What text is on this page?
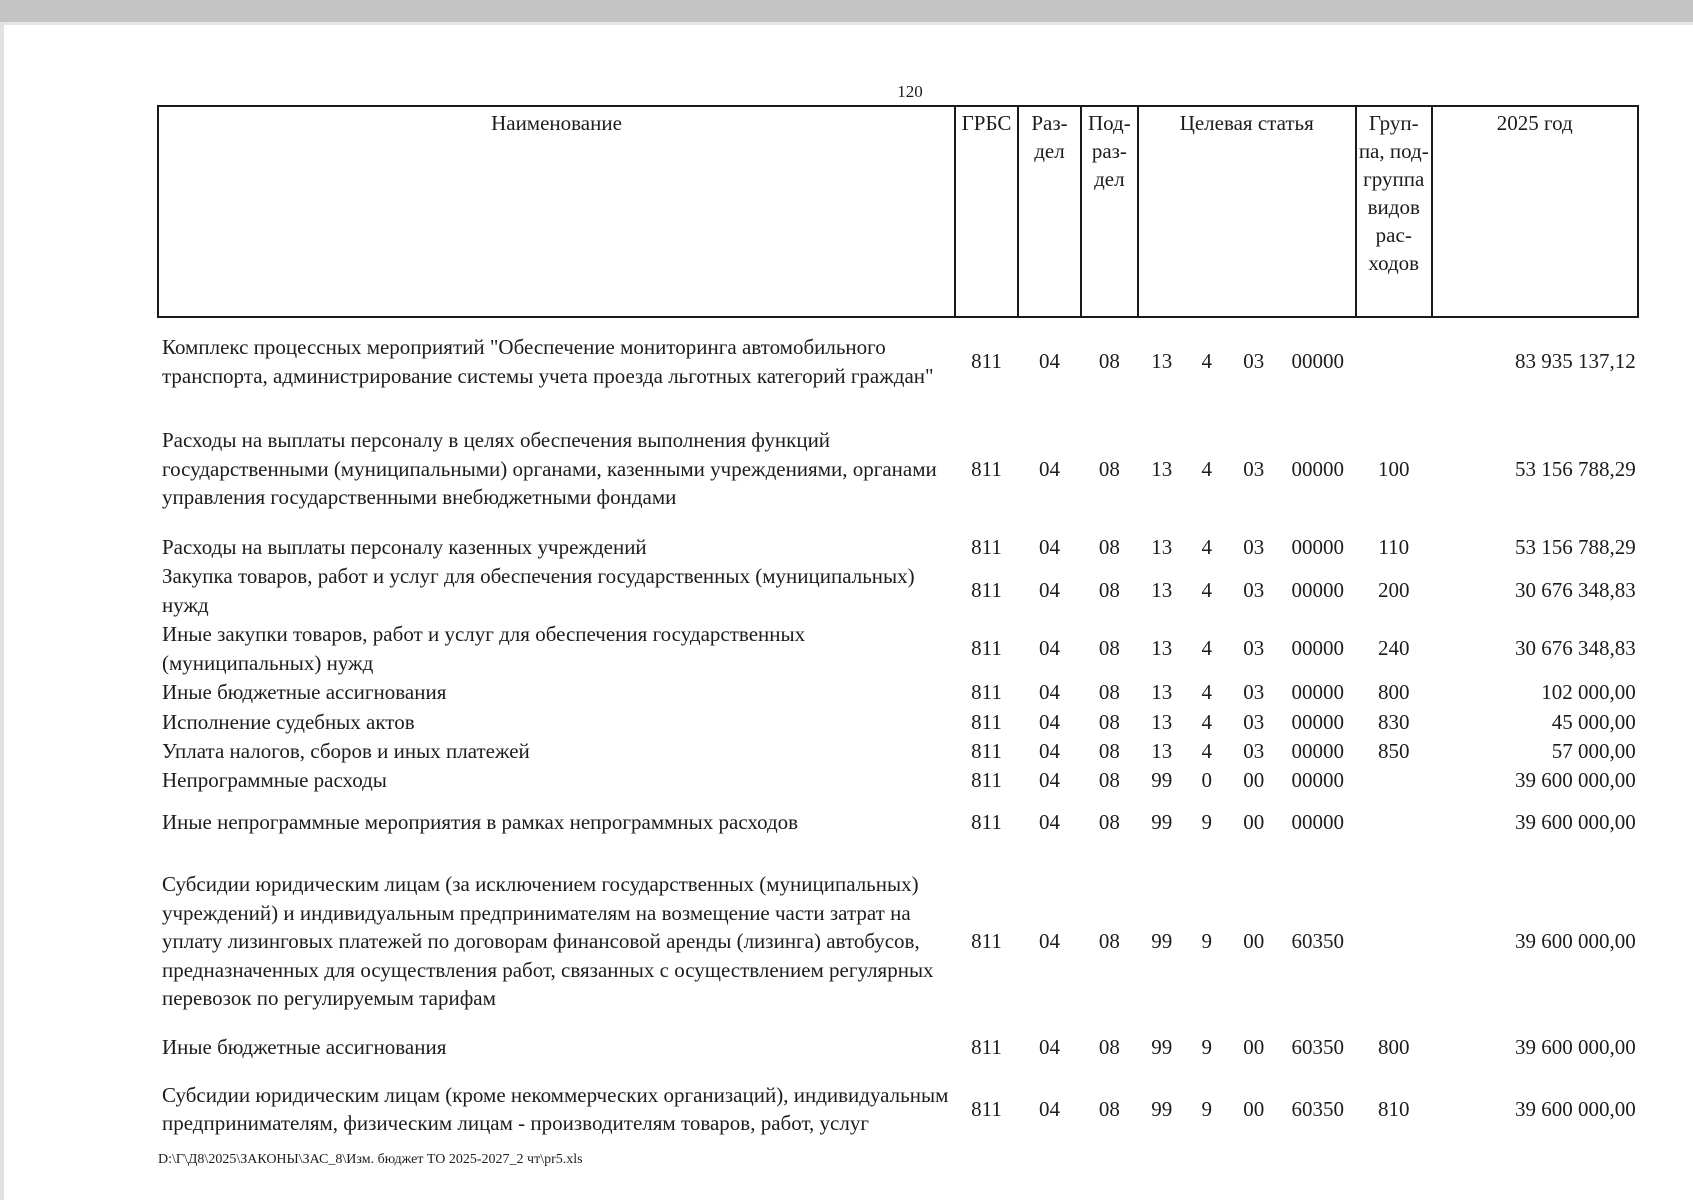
120
Наименование	ГРБС	Раз- дел	Под- раз- дел	Целевая статья				Груп- па, под- группа видов рас- ходов	2025 год
Комплекс процессных мероприятий "Обеспечение мониторинга автомобильного транспорта, администрирование системы учета проезда льготных категорий граждан"	811	04	08	13	4	03	00000		83 935 137,12

Расходы на выплаты персоналу в целях обеспечения выполнения функций государственными (муниципальными) органами, казенными учреждениями, органами управления государственными внебюджетными фондами	811	04	08	13	4	03	00000	100	53 156 788,29

Расходы на выплаты персоналу казенных учреждений	811	04	08	13	4	03	00000	110	53 156 788,29
Закупка товаров, работ и услуг для обеспечения государственных (муниципальных) нужд	811	04	08	13	4	03	00000	200	30 676 348,83
Иные закупки товаров, работ и услуг для обеспечения государственных (муниципальных) нужд	811	04	08	13	4	03	00000	240	30 676 348,83
Иные бюджетные ассигнования	811	04	08	13	4	03	00000	800	102 000,00
Исполнение судебных актов	811	04	08	13	4	03	00000	830	45 000,00
Уплата налогов, сборов и иных платежей	811	04	08	13	4	03	00000	850	57 000,00
Непрограммные расходы	811	04	08	99	0	00	00000		39 600 000,00
Иные непрограммные мероприятия в рамках непрограммных расходов	811	04	08	99	9	00	00000		39 600 000,00
Субсидии юридическим лицам (за исключением государственных (муниципальных) учреждений) и индивидуальным предпринимателям на возмещение части затрат на уплату лизинговых платежей по договорам финансовой аренды (лизинга) автобусов, предназначенных для осуществления работ, связанных с осуществлением регулярных перевозок по регулируемым тарифам	811	04	08	99	9	00	60350		39 600 000,00
Иные бюджетные ассигнования	811	04	08	99	9	00	60350	800	39 600 000,00
Субсидии юридическим лицам (кроме некоммерческих организаций), индивидуальным предпринимателям, физическим лицам - производителям товаров, работ, услуг	811	04	08	99	9	00	60350	810	39 600 000,00
D:\Г\Д8\2025\ЗАКОНЫ\ЗАС_8\Изм. бюджет ТО 2025-2027_2 чт\pr5.xls
